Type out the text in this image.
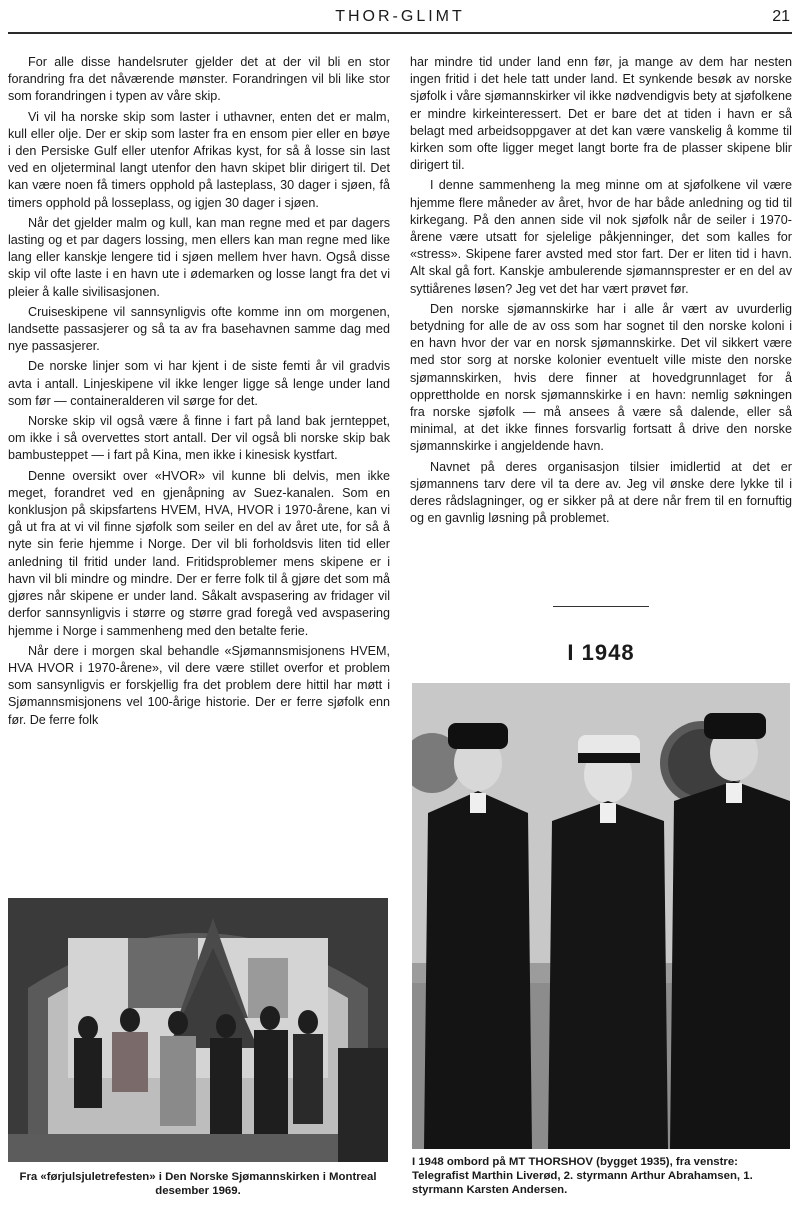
THOR-GLIMT	21

For alle disse handelsruter gjelder det at der vil bli en stor forandring fra det nåværende mønster. Forandringen vil bli like stor som forandringen i typen av våre skip.

Vi vil ha norske skip som laster i uthavner, enten det er malm, kull eller olje. Der er skip som laster fra en ensom pier eller en bøye i den Persiske Gulf eller utenfor Afrikas kyst, for så å losse sin last ved en oljeterminal langt utenfor den havn skipet blir dirigert til. Det kan være noen få timers opphold på lasteplass, 30 dager i sjøen, få timers opphold på losseplass, og igjen 30 dager i sjøen.

Når det gjelder malm og kull, kan man regne med et par dagers lasting og et par dagers lossing, men ellers kan man regne med like lang eller kanskje lengere tid i sjøen mellem hver havn. Også disse skip vil ofte laste i en havn ute i ødemarken og losse langt fra det vi pleier å kalle sivilisasjonen.

Cruiseskipene vil sannsynligvis ofte komme inn om morgenen, landsette passasjerer og så ta av fra basehavnen samme dag med nye passasjerer.

De norske linjer som vi har kjent i de siste femti år vil gradvis avta i antall. Linjeskipene vil ikke lenger ligge så lenge under land som før — containeralderen vil sørge for det.

Norske skip vil også være å finne i fart på land bak jernteppet, om ikke i så overvettes stort antall. Der vil også bli norske skip bak bambusteppet — i fart på Kina, men ikke i kinesisk kystfart.

Denne oversikt over «HVOR» vil kunne bli delvis, men ikke meget, forandret ved en gjenåpning av Suez-kanalen. Som en konklusjon på skipsfartens HVEM, HVA, HVOR i 1970-årene, kan vi gå ut fra at vi vil finne sjøfolk som seiler en del av året ute, for så å nyte sin ferie hjemme i Norge. Der vil bli forholdsvis liten tid eller anledning til fritid under land. Fritidsproblemer mens skipene er i havn vil bli mindre og mindre. Der er ferre folk til å gjøre det som må gjøres når skipene er under land. Såkalt avspasering av fridager vil derfor sannsynligvis i større og større grad foregå ved avspasering hjemme i Norge i sammenheng med den betalte ferie.

Når dere i morgen skal behandle «Sjømannsmisjonens HVEM, HVA HVOR i 1970-årene», vil dere være stillet overfor et problem som sansynligvis er forskjellig fra det problem dere hittil har møtt i Sjømannsmisjonens vel 100-årige historie. Der er ferre sjøfolk enn før. De ferre folk

har mindre tid under land enn før, ja mange av dem har nesten ingen fritid i det hele tatt under land. Et synkende besøk av norske sjøfolk i våre sjømannskirker vil ikke nødvendigvis bety at sjøfolkene er mindre kirkeinteressert. Det er bare det at tiden i havn er så belagt med arbeidsoppgaver at det kan være vanskelig å komme til kirken som ofte ligger meget langt borte fra de plasser skipene blir dirigert til.

I denne sammenheng la meg minne om at sjøfolkene vil være hjemme flere måneder av året, hvor de har både anledning og tid til kirkegang. På den annen side vil nok sjøfolk når de seiler i 1970-årene være utsatt for sjelelige påkjenninger, det som kalles for «stress». Skipene farer avsted med stor fart. Der er liten tid i havn. Alt skal gå fort. Kanskje ambulerende sjømannsprester er en del av syttiårenes løsen? Jeg vet det har vært prøvet før.

Den norske sjømannskirke har i alle år vært av uvurderlig betydning for alle de av oss som har sognet til den norske koloni i en havn hvor der var en norsk sjømannskirke. Det vil sikkert være med stor sorg at norske kolonier eventuelt ville miste den norske sjømannskirken, hvis dere finner at hovedgrunnlaget for å opprettholde en norsk sjømannskirke i en havn: nemlig søkningen fra norske sjøfolk — må ansees å være så dalende, eller så minimal, at det ikke finnes forsvarlig fortsatt å drive den norske sjømannskirke i angjeldende havn.

Navnet på deres organisasjon tilsier imidlertid at det er sjømannens tarv dere vil ta dere av. Jeg vil ønske dere lykke til i deres rådslagninger, og er sikker på at dere når frem til en fornuftig og en gavnlig løsning på problemet.

I 1948
Fra «førjulsjuletrefesten» i Den Norske Sjømannskirken i Montreal desember 1969.
I 1948 ombord på MT THORSHOV (bygget 1935), fra venstre: Telegrafist Marthin Liverød, 2. styrmann Arthur Abrahamsen, 1. styrmann Karsten Andersen.
